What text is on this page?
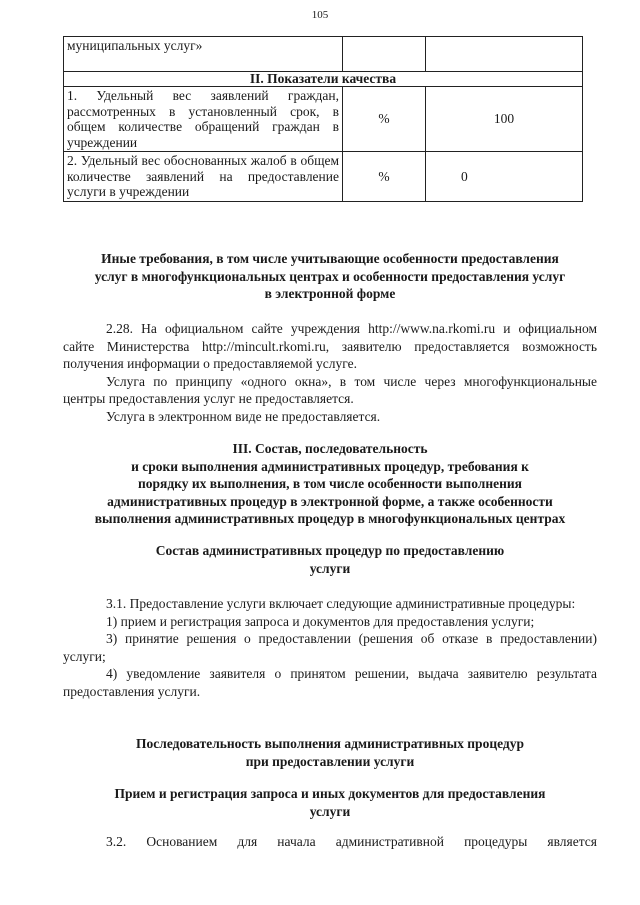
105
муниципальных услуг»		
II. Показатели качества		
1. Удельный вес заявлений граждан, рассмотренных в установленный срок, в общем количестве обращений граждан в учреждении	%	100
2. Удельный вес обоснованных жалоб в общем количестве заявлений на предоставление услуги в учреждении	%	0

Иные требования, в том числе учитывающие особенности предоставления

услуг в многофункциональных центрах и особенности предоставления услуг

в электронной форме

2.28. На официальном сайте учреждения http://www.na.rkomi.ru и официальном сайте Министерства http://mincult.rkomi.ru, заявителю предоставляется возможность получения информации о предоставляемой услуге.

Услуга по принципу «одного окна», в том числе через многофункциональные центры предоставления услуг не предоставляется.

Услуга в электронном виде не предоставляется.

III. Состав, последовательность

и сроки выполнения административных процедур, требования к

порядку их выполнения, в том числе особенности выполнения

административных процедур в электронной форме, а также особенности

выполнения административных процедур в многофункциональных центрах

Состав административных процедур по предоставлению

услуги

3.1. Предоставление услуги включает следующие административные процедуры:

1) прием и регистрация запроса и документов для предоставления услуги;

3) принятие решения о предоставлении (решения об отказе в предоставлении) услуги;

4) уведомление заявителя о принятом решении, выдача заявителю результата предоставления услуги.

Последовательность выполнения административных процедур

при предоставлении услуги

Прием и регистрация запроса и иных документов для предоставления

услуги

3.2. Основанием для начала административной процедуры является
